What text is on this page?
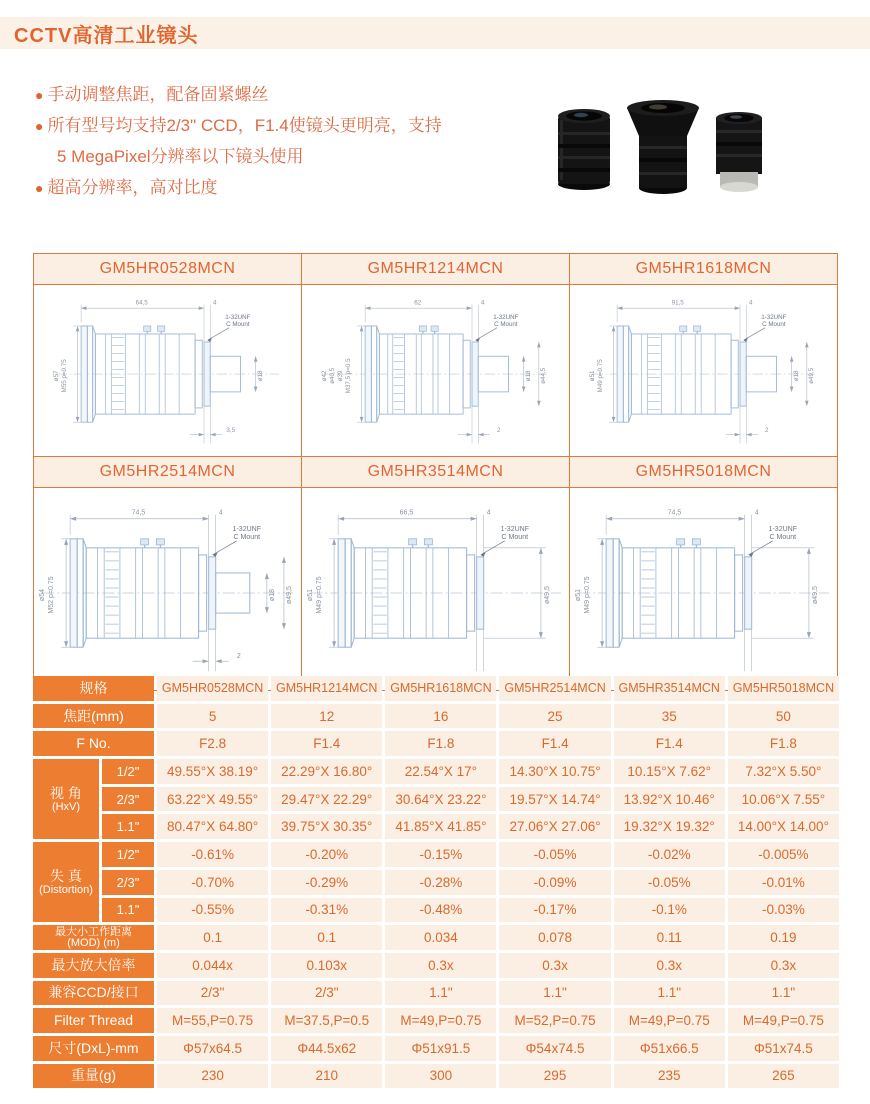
CCTV高清工业镜头
● 手动调整焦距，配备固紧螺丝
● 所有型号均支持2/3" CCD，F1.4使镜头更明亮，支持
5 MegaPixel分辨率以下镜头使用
● 超高分辨率，高对比度
GM5HR0528MCN
64,5	4
ø57 M55 p=0.75	ø18
1-32UNF
C Mount
3,5
GM5HR1214MCN
62	4
ø42 ø40,5 ø39 M37,5 p=0.5	ø18 ø44,5
1-32UNF
C Mount
2
GM5HR1618MCN
91,5	4
ø51 M49 p=0.75	ø18 ø49,5
1-32UNF
C Mount
2
GM5HR2514MCN
74,5	4
ø54 M52 p=0.75	ø18 ø49,5
1-32UNF
C Mount
2
GM5HR3514MCN
66,5	4
ø51 M49 p=0.75	ø49,5
1-32UNF
C Mount
GM5HR5018MCN
74,5	4
ø51 M49 p=0.75	ø49,5
1-32UNF
C Mount
规格	GM5HR0528MCN	GM5HR1214MCN	GM5HR1618MCN	GM5HR2514MCN	GM5HR3514MCN	GM5HR5018MCN
焦距(mm)	5	12	16	25	35	50
F No.	F2.8	F1.4	F1.8	F1.4	F1.4	F1.8
视 角
(HxV)
1/2"	49.55°X 38.19°	22.29°X 16.80°	22.54°X 17°	14.30°X 10.75°	10.15°X 7.62°	7.32°X 5.50°
2/3"	63.22°X 49.55°	29.47°X 22.29°	30.64°X 23.22°	19.57°X 14.74°	13.92°X 10.46°	10.06°X 7.55°
1.1"	80.47°X 64.80°	39.75°X 30.35°	41.85°X 41.85°	27.06°X 27.06°	19.32°X 19.32°	14.00°X 14.00°
失 真
(Distortion)
1/2"	-0.61%	-0.20%	-0.15%	-0.05%	-0.02%	-0.005%
2/3"	-0.70%	-0.29%	-0.28%	-0.09%	-0.05%	-0.01%
1.1"	-0.55%	-0.31%	-0.48%	-0.17%	-0.1%	-0.03%
最大小工作距离
(MOD) (m)	0.1	0.1	0.034	0.078	0.11	0.19
最大放大倍率	0.044x	0.103x	0.3x	0.3x	0.3x	0.3x
兼容CCD/接口	2/3"	2/3"	1.1"	1.1"	1.1"	1.1"
Filter Thread	M=55,P=0.75	M=37.5,P=0.5	M=49,P=0.75	M=52,P=0.75	M=49,P=0.75	M=49,P=0.75
尺寸(DxL)-mm	Φ57x64.5	Φ44.5x62	Φ51x91.5	Φ54x74.5	Φ51x66.5	Φ51x74.5
重量(g)	230	210	300	295	235	265
